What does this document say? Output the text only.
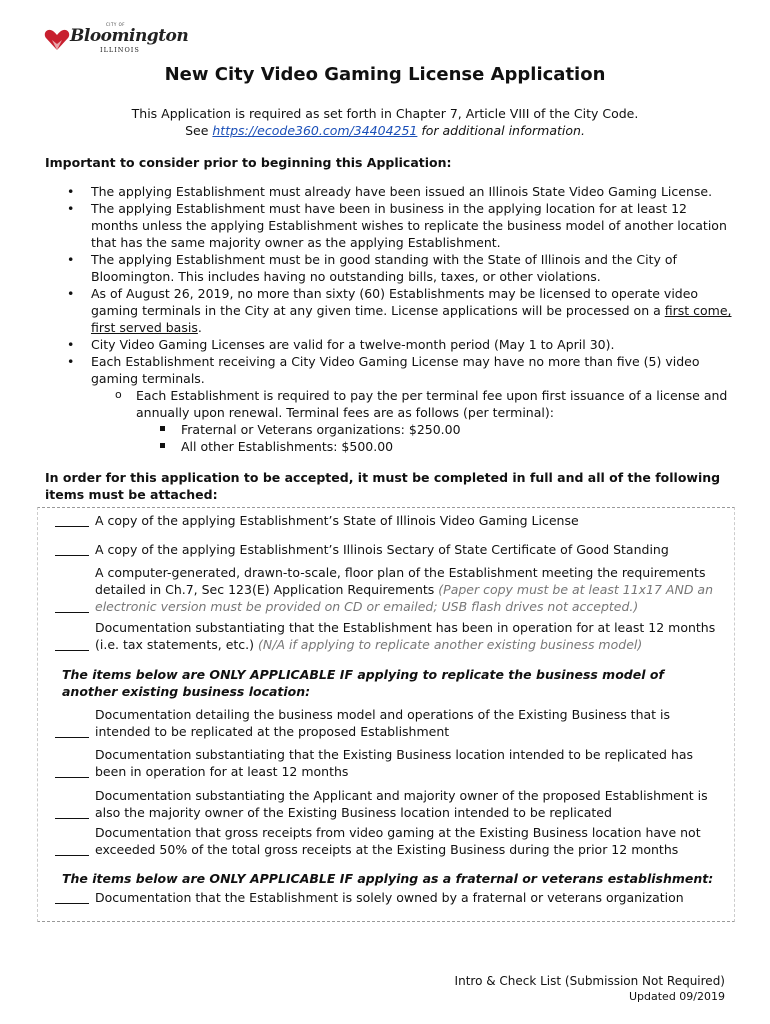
CITY OF
Bloomington
ILLINOIS
New City Video Gaming License Application
This Application is required as set forth in Chapter 7, Article VIII of the City Code.
See https://ecode360.com/34404251 for additional information.
Important to consider prior to beginning this Application:
• The applying Establishment must already have been issued an Illinois State Video Gaming License.
• The applying Establishment must have been in business in the applying location for at least 12 months unless the applying Establishment wishes to replicate the business model of another location that has the same majority owner as the applying Establishment.
• The applying Establishment must be in good standing with the State of Illinois and the City of Bloomington. This includes having no outstanding bills, taxes, or other violations.
• As of August 26, 2019, no more than sixty (60) Establishments may be licensed to operate video gaming terminals in the City at any given time. License applications will be processed on a first come, first served basis.
• City Video Gaming Licenses are valid for a twelve-month period (May 1 to April 30).
• Each Establishment receiving a City Video Gaming License may have no more than five (5) video gaming terminals.
o Each Establishment is required to pay the per terminal fee upon first issuance of a license and annually upon renewal. Terminal fees are as follows (per terminal):
Fraternal or Veterans organizations: $250.00
All other Establishments: $500.00
In order for this application to be accepted, it must be completed in full and all of the following items must be attached:
A copy of the applying Establishment’s State of Illinois Video Gaming License
A copy of the applying Establishment’s Illinois Sectary of State Certificate of Good Standing
A computer-generated, drawn-to-scale, floor plan of the Establishment meeting the requirements detailed in Ch.7, Sec 123(E) Application Requirements (Paper copy must be at least 11x17 AND an electronic version must be provided on CD or emailed; USB flash drives not accepted.)
Documentation substantiating that the Establishment has been in operation for at least 12 months (i.e. tax statements, etc.) (N/A if applying to replicate another existing business model)
The items below are ONLY APPLICABLE IF applying to replicate the business model of another existing business location:
Documentation detailing the business model and operations of the Existing Business that is intended to be replicated at the proposed Establishment
Documentation substantiating that the Existing Business location intended to be replicated has been in operation for at least 12 months
Documentation substantiating the Applicant and majority owner of the proposed Establishment is also the majority owner of the Existing Business location intended to be replicated
Documentation that gross receipts from video gaming at the Existing Business location have not exceeded 50% of the total gross receipts at the Existing Business during the prior 12 months
The items below are ONLY APPLICABLE IF applying as a fraternal or veterans establishment:
Documentation that the Establishment is solely owned by a fraternal or veterans organization
Intro & Check List (Submission Not Required)
Updated 09/2019
